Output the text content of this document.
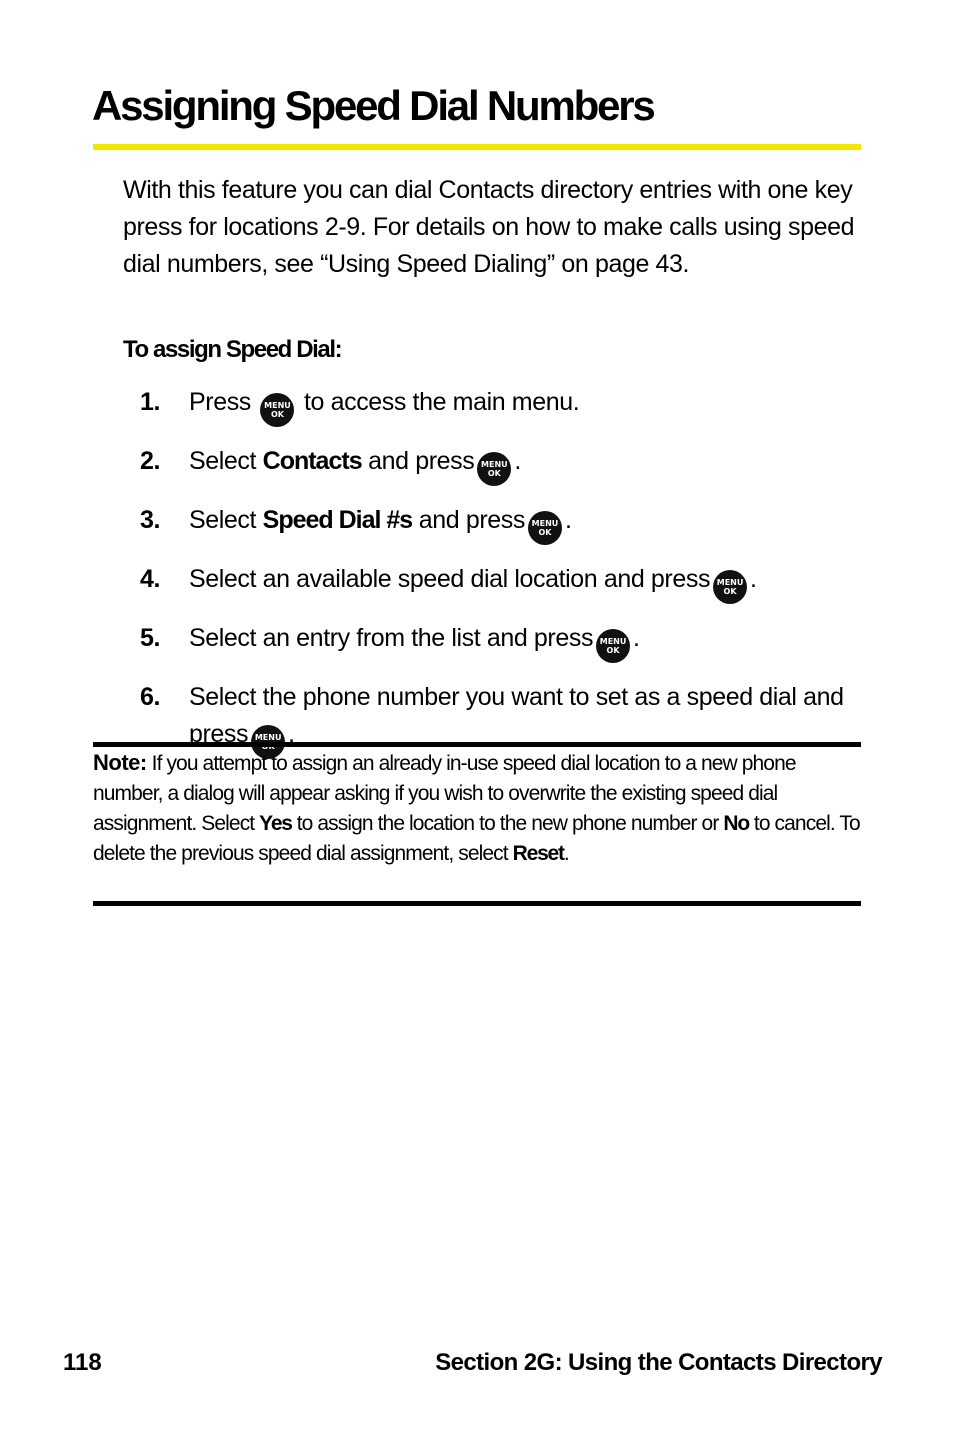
Assigning Speed Dial Numbers

With this feature you can dial Contacts directory entries with one key press for locations 2-9. For details on how to make calls using speed dial numbers, see “Using Speed Dialing” on page 43.

To assign Speed Dial:
1. Press	MENU
OK to access the main menu.
2. Select Contacts and press MENU
OK .
3. Select Speed Dial #s and press MENU
OK .
4. Select an available speed dial location and press MENU
OK .
5. Select an entry from the list and press MENU
OK .
6. Select the phone number you want to set as a speed dial and press MENU
OK .
Note: If you attempt to assign an already in-use speed dial location to a new phone number, a dialog will appear asking if you wish to overwrite the existing speed dial assignment. Select Yes to assign the location to the new phone number or No to cancel. To delete the previous speed dial assignment, select Reset.
118	Section 2G: Using the Contacts Directory
